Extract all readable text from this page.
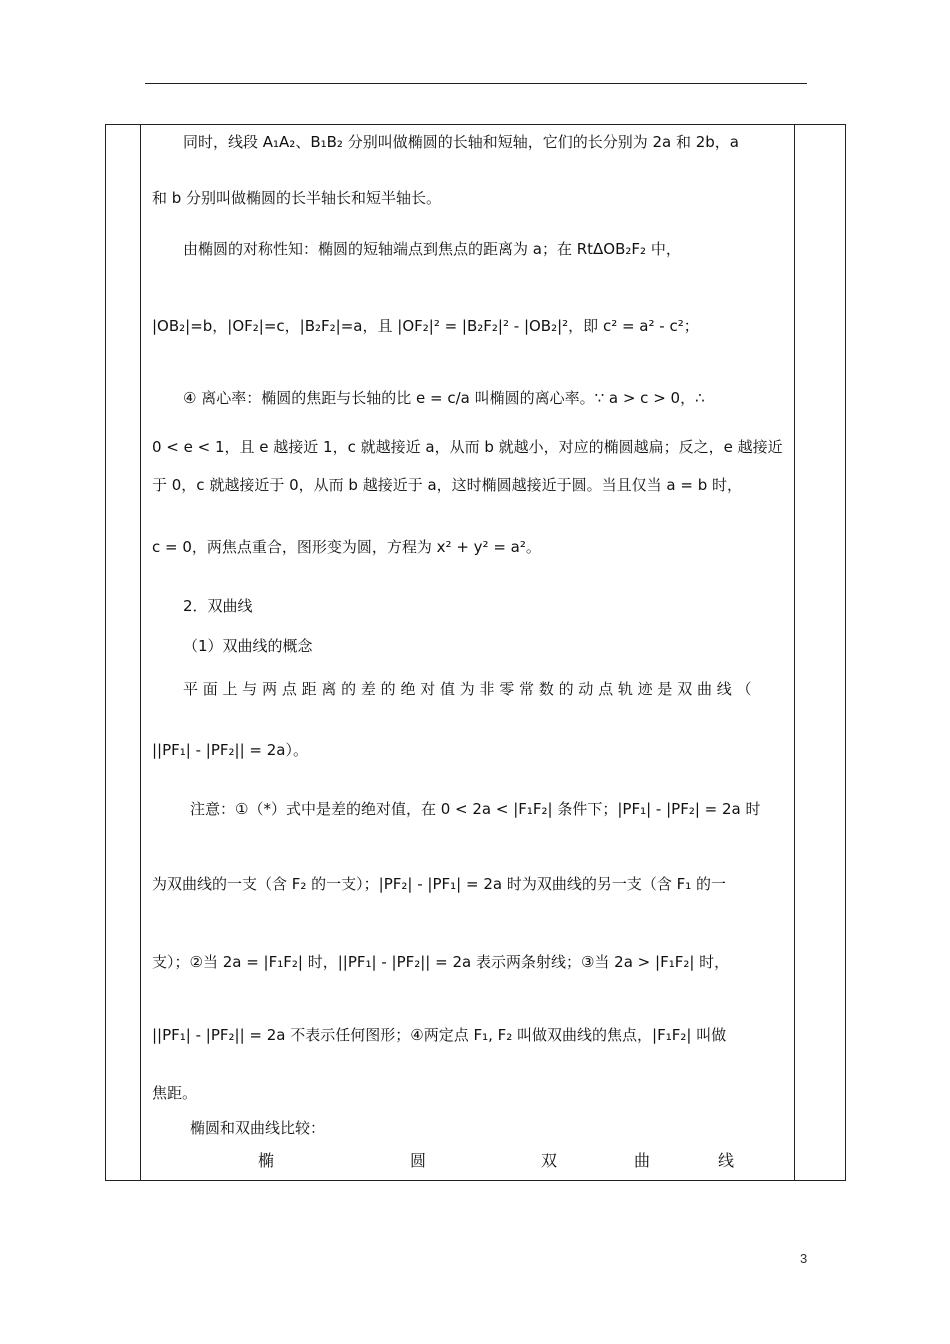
同时，线段 A₁A₂、B₁B₂ 分别叫做椭圆的长轴和短轴，它们的长分别为 2a 和 2b，a
和 b 分别叫做椭圆的长半轴长和短半轴长。
由椭圆的对称性知：椭圆的短轴端点到焦点的距离为 a；在 RtΔOB₂F₂ 中，
|OB₂|=b，|OF₂|=c，|B₂F₂|=a，且 |OF₂|² = |B₂F₂|² - |OB₂|²，即 c² = a² - c²；
④ 离心率：椭圆的焦距与长轴的比 e = c/a 叫椭圆的离心率。∵ a > c > 0，∴
0 < e < 1，且 e 越接近 1，c 就越接近 a，从而 b 就越小，对应的椭圆越扁；反之，e 越接近
于 0，c 就越接近于 0，从而 b 越接近于 a，这时椭圆越接近于圆。当且仅当 a = b 时，
c = 0，两焦点重合，图形变为圆，方程为 x² + y² = a²。
2．双曲线
（1）双曲线的概念
平 面 上 与 两 点 距 离 的 差 的 绝 对 值 为 非 零 常 数 的 动 点 轨 迹 是 双 曲 线 （
||PF₁| - |PF₂|| = 2a）。
注意：①（*）式中是差的绝对值，在 0 < 2a < |F₁F₂| 条件下；|PF₁| - |PF₂| = 2a 时
为双曲线的一支（含 F₂ 的一支）；|PF₂| - |PF₁| = 2a 时为双曲线的另一支（含 F₁ 的一
支）；②当 2a = |F₁F₂| 时，||PF₁| - |PF₂|| = 2a 表示两条射线；③当 2a > |F₁F₂| 时，
||PF₁| - |PF₂|| = 2a 不表示任何图形；④两定点 F₁, F₂ 叫做双曲线的焦点，|F₁F₂| 叫做
焦距。
椭圆和双曲线比较：
椭	圆	双	曲	线
3
